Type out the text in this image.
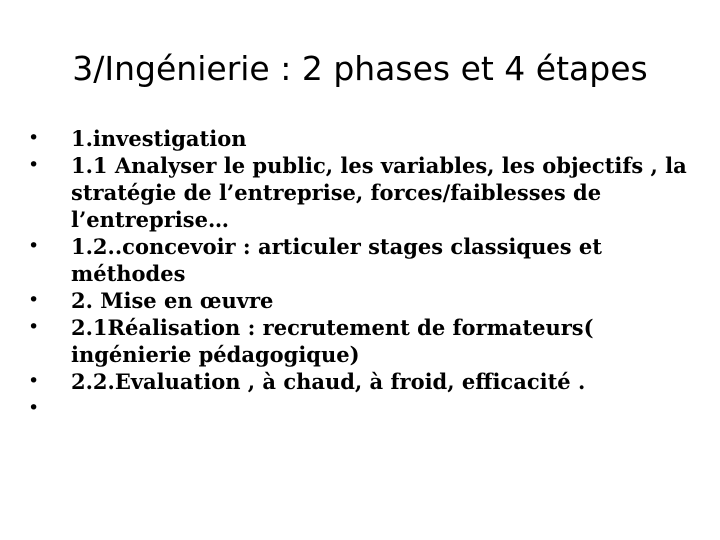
3/Ingénierie : 2 phases et 4 étapes
• 1.investigation
• 1.1 Analyser le public, les variables, les objectifs , la stratégie de l’entreprise, forces/faiblesses de l’entreprise…
• 1.2..concevoir : articuler stages classiques et méthodes
• 2. Mise en œuvre
• 2.1Réalisation : recrutement de formateurs( ingénierie pédagogique)
• 2.2.Evaluation , à chaud, à froid, efficacité .
•
